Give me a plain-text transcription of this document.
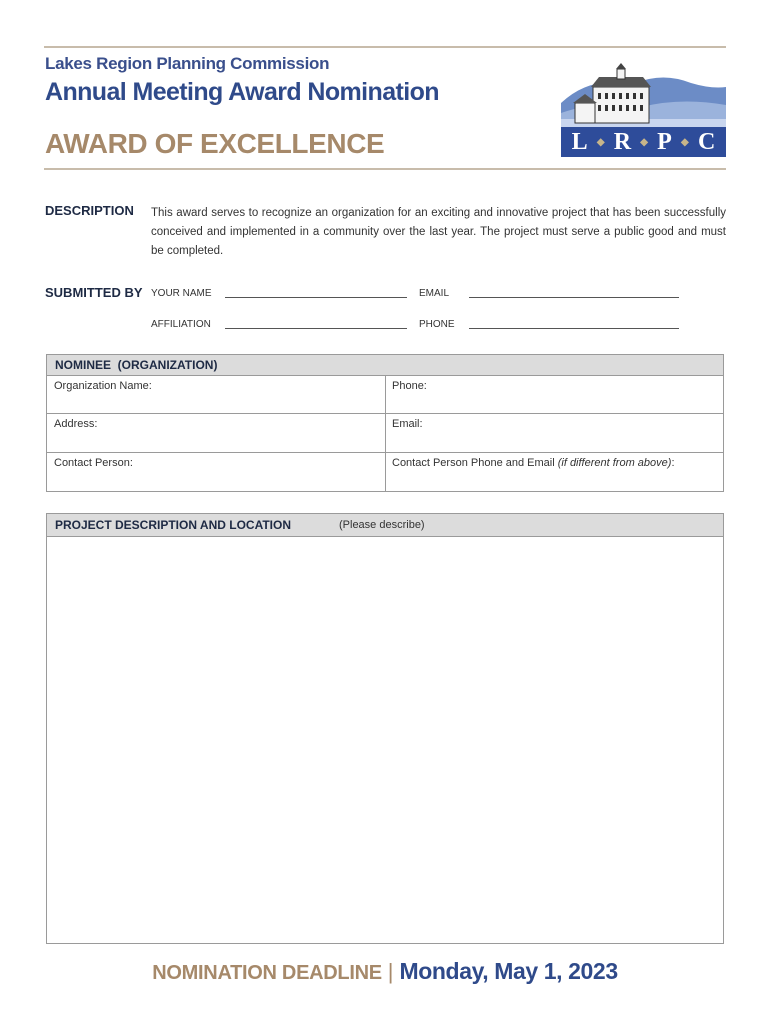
Lakes Region Planning Commission
Annual Meeting Award Nomination
AWARD OF EXCELLENCE	L ◆ R ◆ P ◆ C
DESCRIPTION This award serves to recognize an organization for an exciting and innovative project that has been successfully conceived and implemented in a community over the last year. The project must serve a public good and must be completed.
SUBMITTED BY YOUR NAME	EMAIL
AFFILIATION	PHONE
NOMINEE  (ORGANIZATION)
Organization Name:	Phone:
Address:	Email:
Contact Person:	Contact Person Phone and Email (if different from above):
PROJECT DESCRIPTION AND LOCATION	(Please describe)
NOMINATION DEADLINE | Monday, May 1, 2023
